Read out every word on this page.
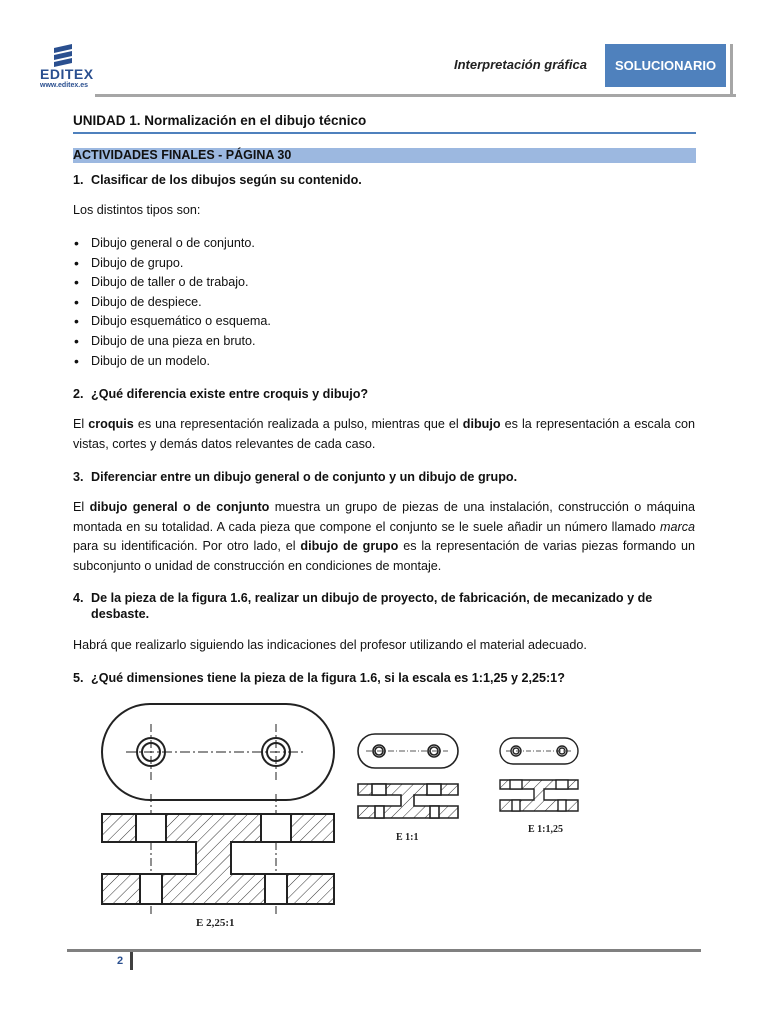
EDITEX
www.editex.es
Interpretación gráfica	SOLUCIONARIO
UNIDAD 1. Normalización en el dibujo técnico
ACTIVIDADES FINALES - PÁGINA 30
1. Clasificar de los dibujos según su contenido.
Los distintos tipos son:
• Dibujo general o de conjunto.
• Dibujo de grupo.
• Dibujo de taller o de trabajo.
• Dibujo de despiece.
• Dibujo esquemático o esquema.
• Dibujo de una pieza en bruto.
• Dibujo de un modelo.
2. ¿Qué diferencia existe entre croquis y dibujo?
El croquis es una representación realizada a pulso, mientras que el dibujo es la representación a escala con vistas, cortes y demás datos relevantes de cada caso.
3. Diferenciar entre un dibujo general o de conjunto y un dibujo de grupo.
El dibujo general o de conjunto muestra un grupo de piezas de una instalación, construcción o máquina montada en su totalidad. A cada pieza que compone el conjunto se le suele añadir un número llamado marca para su identificación. Por otro lado, el dibujo de grupo es la representación de varias piezas formando un subconjunto o unidad de construcción en condiciones de montaje.
4. De la pieza de la figura 1.6, realizar un dibujo de proyecto, de fabricación, de mecanizado y de desbaste.
Habrá que realizarlo siguiendo las indicaciones del profesor utilizando el material adecuado.
5. ¿Qué dimensiones tiene la pieza de la figura 1.6, si la escala es 1:1,25 y 2,25:1?
E 2,25:1
E 1:1
E 1:1,25
2
